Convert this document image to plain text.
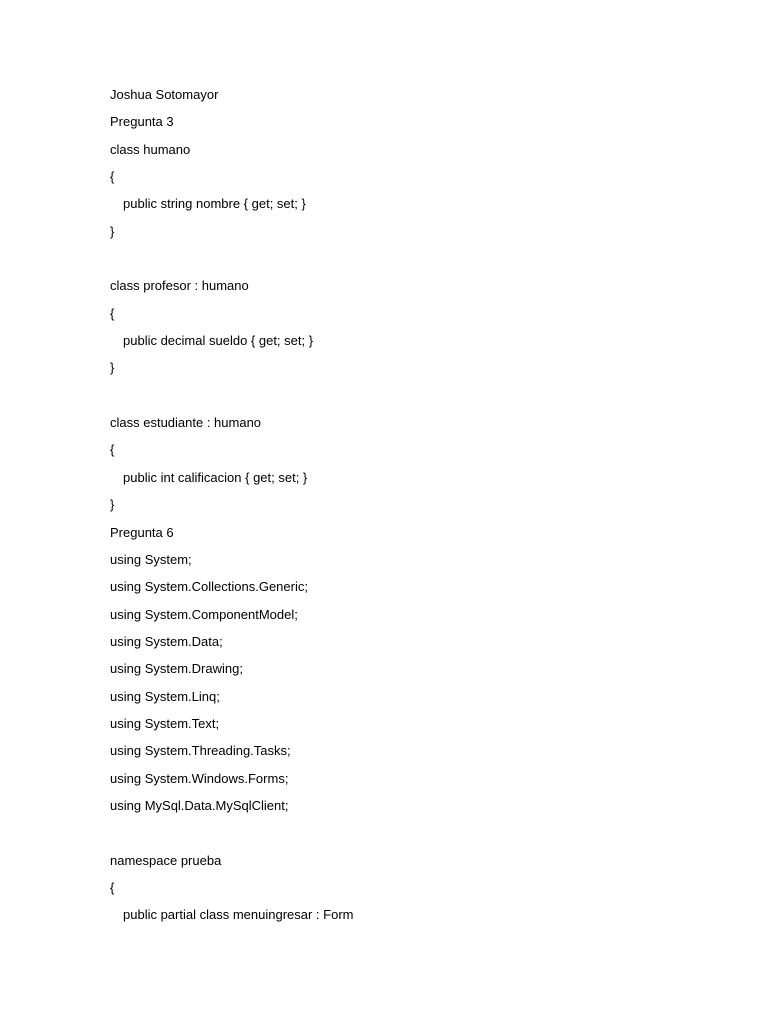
Joshua Sotomayor
Pregunta 3
class humano
{
public string nombre { get; set; }
}
class profesor : humano
{
public decimal sueldo { get; set; }
}
class estudiante : humano
{
public int calificacion { get; set; }
}
Pregunta 6
using System;
using System.Collections.Generic;
using System.ComponentModel;
using System.Data;
using System.Drawing;
using System.Linq;
using System.Text;
using System.Threading.Tasks;
using System.Windows.Forms;
using MySql.Data.MySqlClient;
namespace prueba
{
public partial class menuingresar : Form
